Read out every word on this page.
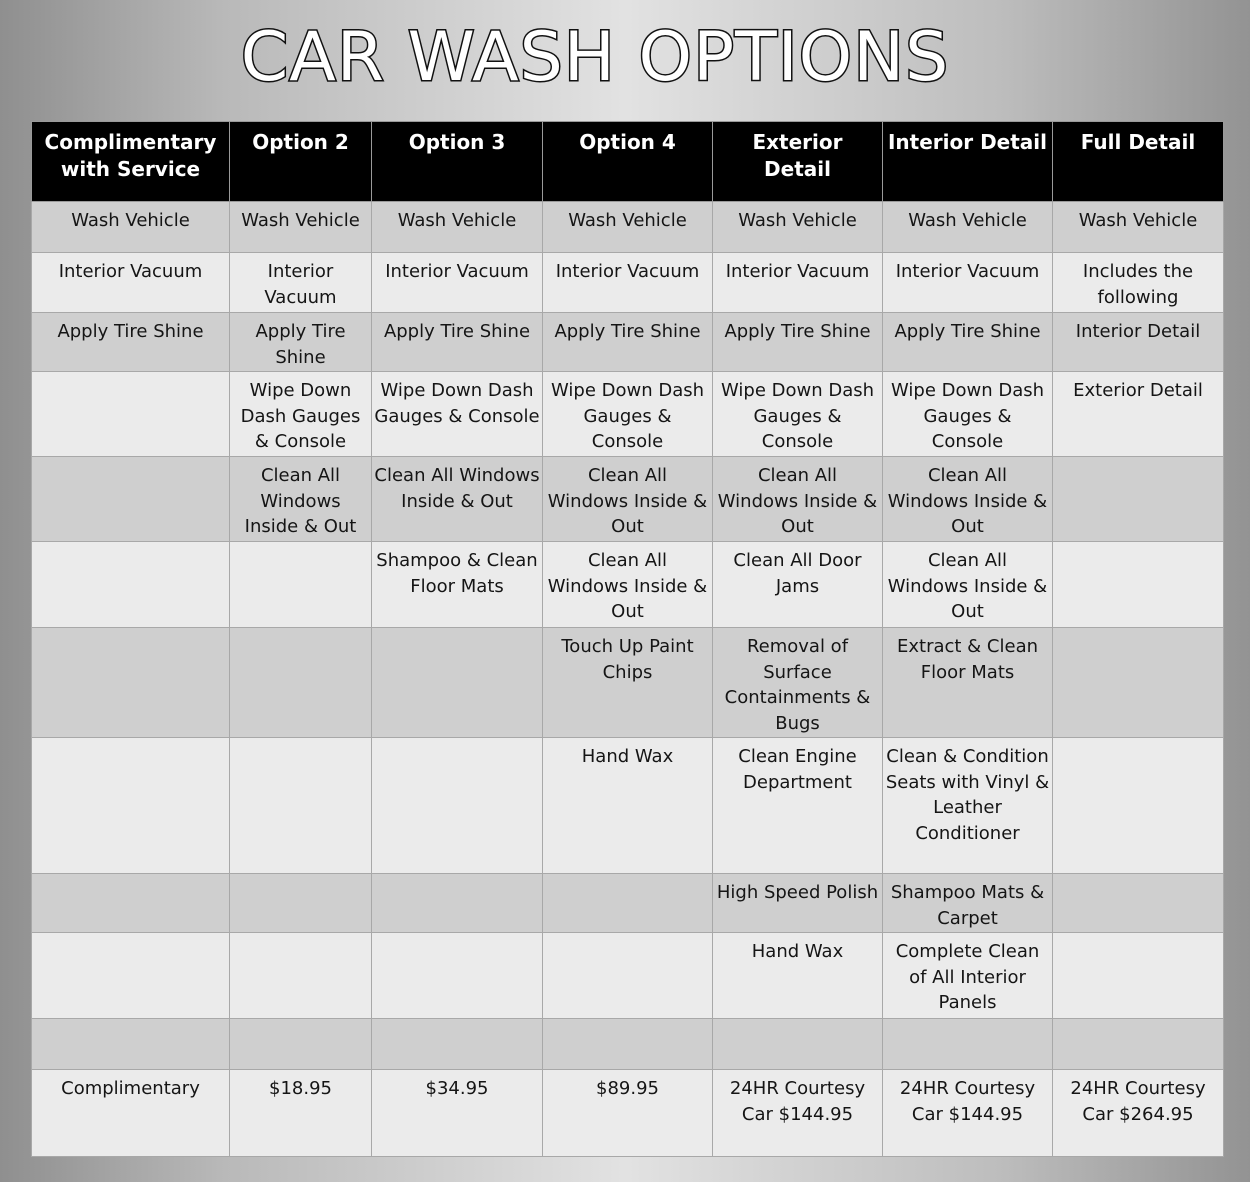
CAR WASH OPTIONS
Complimentary with Service	Option 2	Option 3	Option 4	Exterior Detail	Interior Detail	Full Detail
Wash Vehicle	Wash Vehicle	Wash Vehicle	Wash Vehicle	Wash Vehicle	Wash Vehicle	Wash Vehicle
Interior Vacuum	Interior Vacuum	Interior Vacuum	Interior Vacuum	Interior Vacuum	Interior Vacuum	Includes the following
Apply Tire Shine	Apply Tire Shine	Apply Tire Shine	Apply Tire Shine	Apply Tire Shine	Apply Tire Shine	Interior Detail
	Wipe Down Dash Gauges & Console	Wipe Down Dash Gauges & Console	Wipe Down Dash Gauges & Console	Wipe Down Dash Gauges & Console	Wipe Down Dash Gauges & Console	Exterior Detail
	Clean All Windows Inside & Out	Clean All Windows Inside & Out	Clean All Windows Inside & Out	Clean All Windows Inside & Out	Clean All Windows Inside & Out	
		Shampoo & Clean Floor Mats	Clean All Windows Inside & Out	Clean All Door Jams	Clean All Windows Inside & Out	
			Touch Up Paint Chips	Removal of Surface Containments & Bugs	Extract & Clean Floor Mats	
			Hand Wax	Clean Engine Department	Clean & Condition Seats with Vinyl & Leather Conditioner	
				High Speed Polish	Shampoo Mats & Carpet	
				Hand Wax	Complete Clean of All Interior Panels	

Complimentary	$18.95	$34.95	$89.95	24HR Courtesy Car $144.95	24HR Courtesy Car $144.95	24HR Courtesy Car $264.95
